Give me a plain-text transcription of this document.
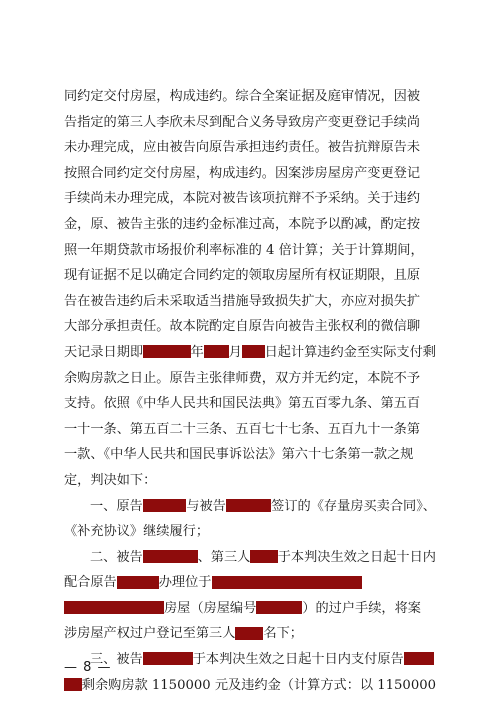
同约定交付房屋，构成违约。综合全案证据及庭审情况，因被
告指定的第三人李欣未尽到配合义务导致房产变更登记手续尚
未办理完成，应由被告向原告承担违约责任。被告抗辩原告未
按照合同约定交付房屋，构成违约。因案涉房屋房产变更登记
手续尚未办理完成，本院对被告该项抗辩不予采纳。关于违约
金，原、被告主张的违约金标准过高，本院予以酌减，酌定按
照一年期贷款市场报价利率标准的 4 倍计算；关于计算期间，
现有证据不足以确定合同约定的领取房屋所有权证期限，且原
告在被告违约后未采取适当措施导致损失扩大，亦应对损失扩
大部分承担责任。故本院酌定自原告向被告主张权利的微信聊
天记录日期即	年 月 日起计算违约金至实际支付剩
余购房款之日止。原告主张律师费，双方并无约定，本院不予
支持。依照《中华人民共和国民法典》第五百零九条、第五百
一十一条、第五百二十三条、五百七十七条、五百九十一条第
一款、《中华人民共和国民事诉讼法》第六十七条第一款之规
定，判决如下：
一、原告	与被告	签订的《存量房买卖合同》、
《补充协议》继续履行；
二、被告	、第三人 于本判决生效之日起十日内
配合原告	办理位于
房屋（房屋编号	）的过户手续，将案
涉房屋产权过户登记至第三人 名下；
三、被告	于本判决生效之日起十日内支付原告
剩余购房款 1150000 元及违约金（计算方式：以 1150000
— 8 —
